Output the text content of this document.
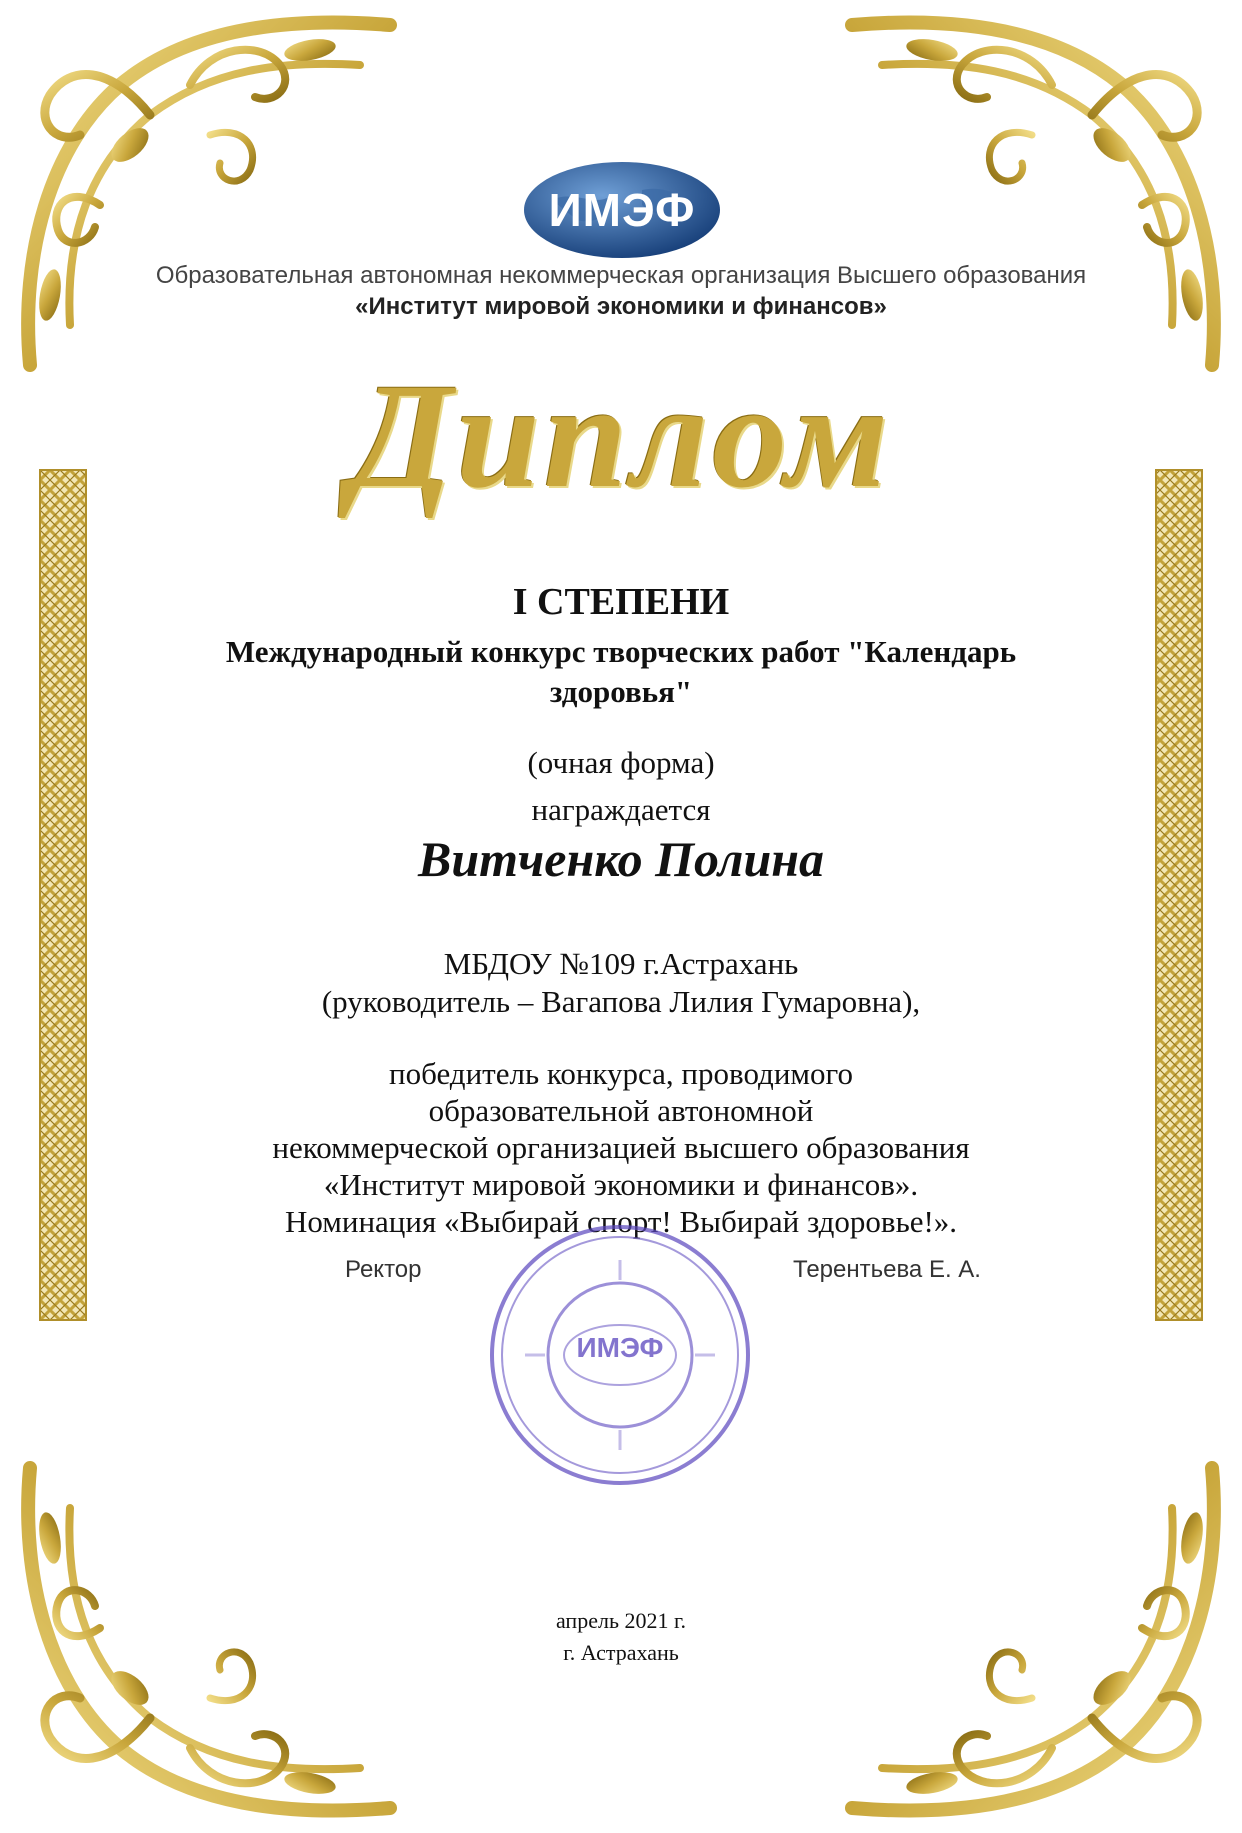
ИМЭФ
Образовательная автономная некоммерческая организация Высшего образования
«Институт мировой экономики и финансов»
Диплом
I СТЕПЕНИ
Международный конкурс творческих работ "Календарь
здоровья"
(очная форма)
награждается
Витченко Полина
МБДОУ №109 г.Астрахань
(руководитель – Вагапова Лилия Гумаровна),
победитель конкурса, проводимого
образовательной автономной
некоммерческой организацией высшего образования
«Институт мировой экономики и финансов».
Номинация «Выбирай спорт! Выбирай здоровье!».
ИМЭФ
Ректор	Терентьева Е. А.
апрель 2021 г.
г. Астрахань
